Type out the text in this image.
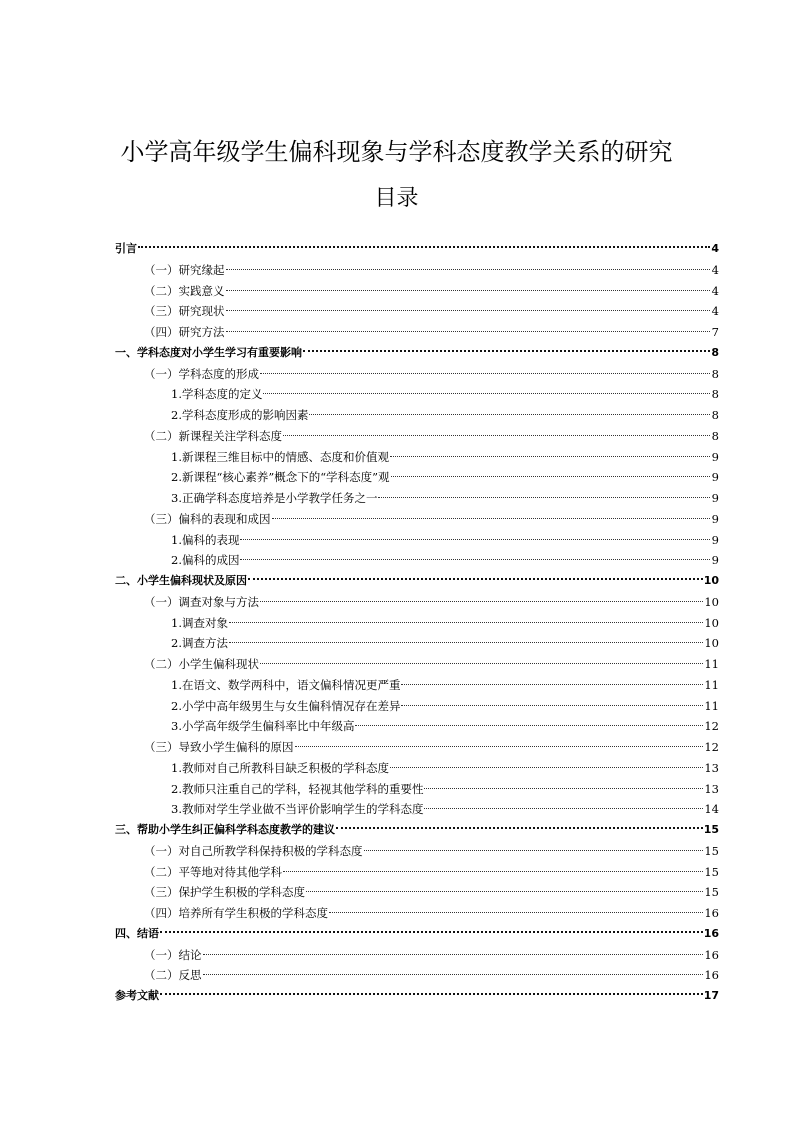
小学高年级学生偏科现象与学科态度教学关系的研究
目录
引言	4
（一）研究缘起	4
（二）实践意义	4
（三）研究现状	4
（四）研究方法	7
一、学科态度对小学生学习有重要影响	8
（一）学科态度的形成	8
1.学科态度的定义	8
2.学科态度形成的影响因素	8
（二）新课程关注学科态度	8
1.新课程三维目标中的情感、态度和价值观	9
2.新课程“核心素养”概念下的“学科态度”观	9
3.正确学科态度培养是小学教学任务之一	9
（三）偏科的表现和成因	9
1.偏科的表现	9
2.偏科的成因	9
二、小学生偏科现状及原因	10
（一）调查对象与方法	10
1.调查对象	10
2.调查方法	10
（二）小学生偏科现状	11
1.在语文、数学两科中，语文偏科情况更严重	11
2.小学中高年级男生与女生偏科情况存在差异	11
3.小学高年级学生偏科率比中年级高	12
（三）导致小学生偏科的原因	12
1.教师对自己所教科目缺乏积极的学科态度	13
2.教师只注重自己的学科，轻视其他学科的重要性	13
3.教师对学生学业做不当评价影响学生的学科态度	14
三、帮助小学生纠正偏科学科态度教学的建议	15
（一）对自己所教学科保持积极的学科态度	15
（二）平等地对待其他学科	15
（三）保护学生积极的学科态度	15
（四）培养所有学生积极的学科态度	16
四、结语	16
（一）结论	16
（二）反思	16
参考文献	17
